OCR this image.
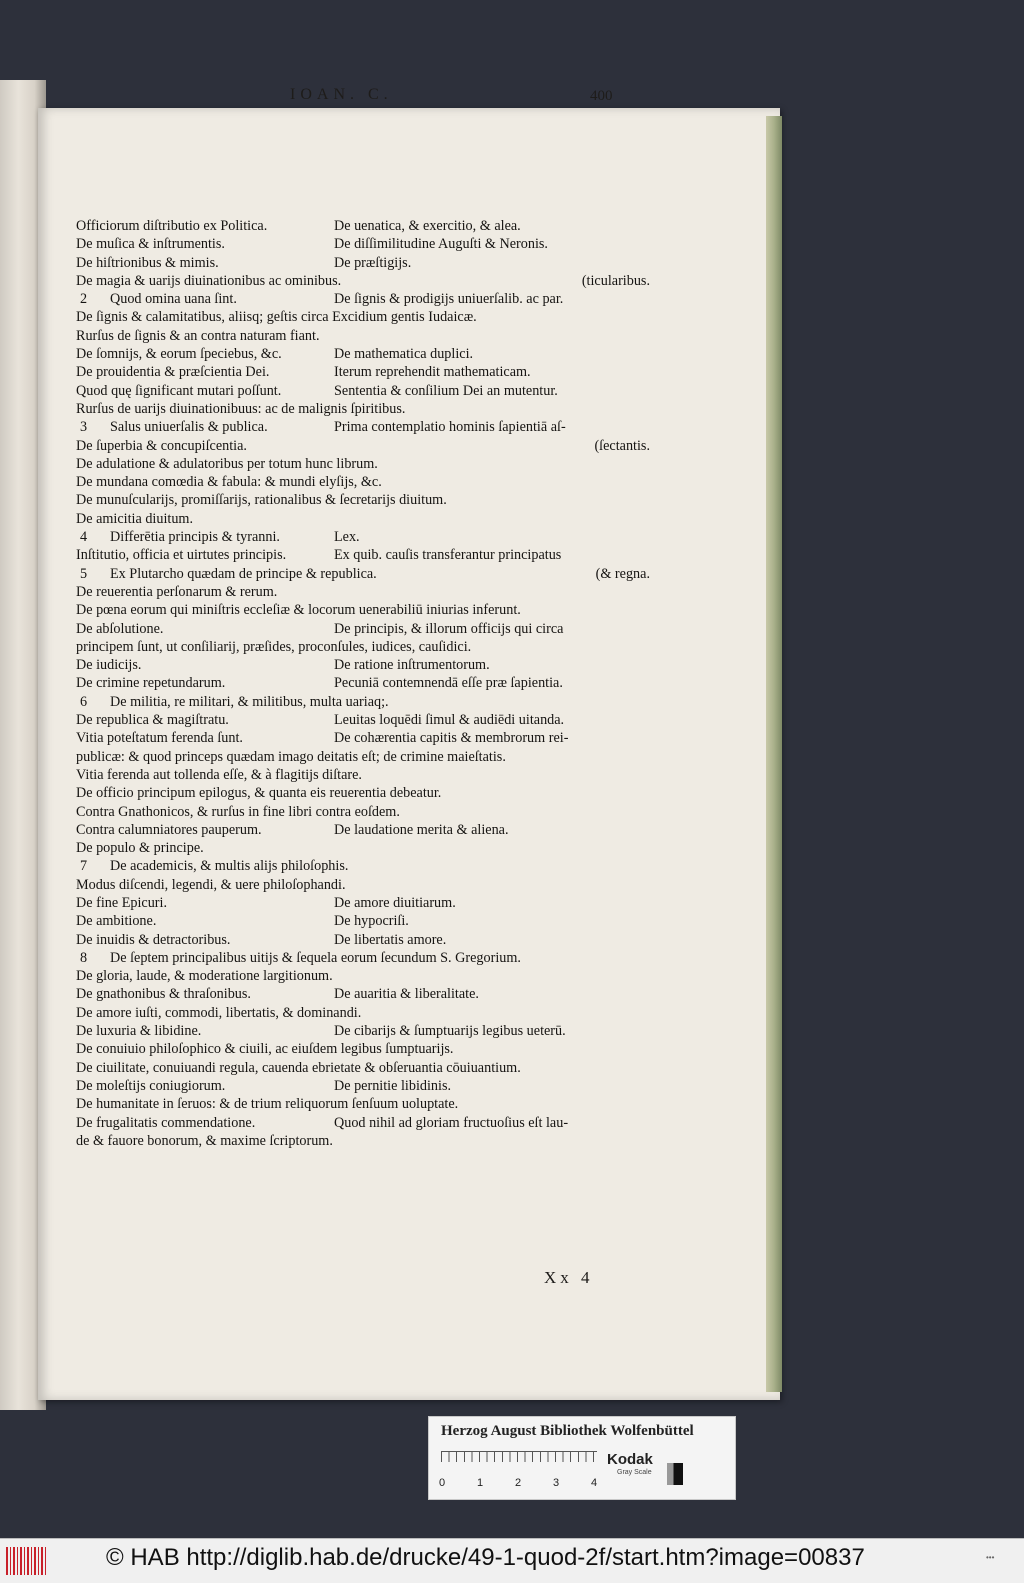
Officiorum diſtributio ex Politica.	De uenatica, & exercitio, & alea.
De muſica & inſtrumentis.	De diſſimilitudine Auguſti & Neronis.
De hiſtrionibus & mimis.	De præſtigijs.
De magia & uarijs diuinationibus ac ominibus.	(ticularibus.
2 Quod omina uana ſint.	De ſignis & prodigijs uniuerſalib. ac par.
De ſignis & calamitatibus, aliisq; geſtis circa Excidium gentis Iudaicæ.
Rurſus de ſignis & an contra naturam fiant.
De ſomnijs, & eorum ſpeciebus, &c.	De mathematica duplici.
De prouidentia & præſcientia Dei.	Iterum reprehendit mathematicam.
Quod quę ſignificant mutari poſſunt.	Sententia & conſilium Dei an mutentur.
Rurſus de uarijs diuinationibuus: ac de malignis ſpiritibus.
3 Salus uniuerſalis & publica.	Prima contemplatio hominis ſapientiā aſ-
De ſuperbia & concupiſcentia.	(ſectantis.
De adulatione & adulatoribus per totum hunc librum.
De mundana comœdia & fabula: & mundi elyſijs, &c.
De munuſcularijs, promiſſarijs, rationalibus & ſecretarijs diuitum.
De amicitia diuitum.
4 Differētia principis & tyranni.	Lex.
Inſtitutio, officia et uirtutes principis.	Ex quib. cauſis transferantur principatus
5 Ex Plutarcho quædam de principe & republica.	(& regna.
De reuerentia perſonarum & rerum.
De pœna eorum qui miniſtris eccleſiæ & locorum uenerabiliū iniurias inferunt.
De abſolutione.	De principis, & illorum officijs qui circa
principem ſunt, ut conſiliarij, præſides, proconſules, iudices, cauſidici.
De iudicijs.	De ratione inſtrumentorum.
De crimine repetundarum.	Pecuniā contemnendā eſſe præ ſapientia.
6 De militia, re militari, & militibus, multa uariaq;.
De republica & magiſtratu.	Leuitas loquēdi ſimul & audiēdi uitanda.
Vitia poteſtatum ferenda ſunt.	De cohærentia capitis & membrorum rei-
publicæ: & quod princeps quædam imago deitatis eſt; de crimine maieſtatis.
Vitia ferenda aut tollenda eſſe, & à flagitijs diſtare.
De officio principum epilogus, & quanta eis reuerentia debeatur.
Contra Gnathonicos, & rurſus in fine libri contra eoſdem.
Contra calumniatores pauperum.	De laudatione merita & aliena.
De populo & principe.
7 De academicis, & multis alijs philoſophis.
Modus diſcendi, legendi, & uere philoſophandi.
De fine Epicuri.	De amore diuitiarum.
De ambitione.	De hypocriſi.
De inuidis & detractoribus.	De libertatis amore.
8 De ſeptem principalibus uitijs & ſequela eorum ſecundum S. Gregorium.
De gloria, laude, & moderatione largitionum.
De gnathonibus & thraſonibus.	De auaritia & liberalitate.
De amore iuſti, commodi, libertatis, & dominandi.
De luxuria & libidine.	De cibarijs & ſumptuarijs legibus ueterū.
De conuiuio philoſophico & ciuili, ac eiuſdem legibus ſumptuarijs.
De ciuilitate, conuiuandi regula, cauenda ebrietate & obſeruantia cōuiuantium.
De moleſtijs coniugiorum.	De pernitie libidinis.
De humanitate in ſeruos: & de trium reliquorum ſenſuum uoluptate.
De frugalitatis commendatione.	Quod nihil ad gloriam fructuoſius eſt lau-
de & fauore bonorum, & maxime ſcriptorum.
Xx 4
IOAN. C.	400
Herzog August Bibliothek Wolfenbüttel
0	1	2	3	4
Kodak
Gray Scale
© HAB http://diglib.hab.de/drucke/49-1-quod-2f/start.htm?image=00837	•••
